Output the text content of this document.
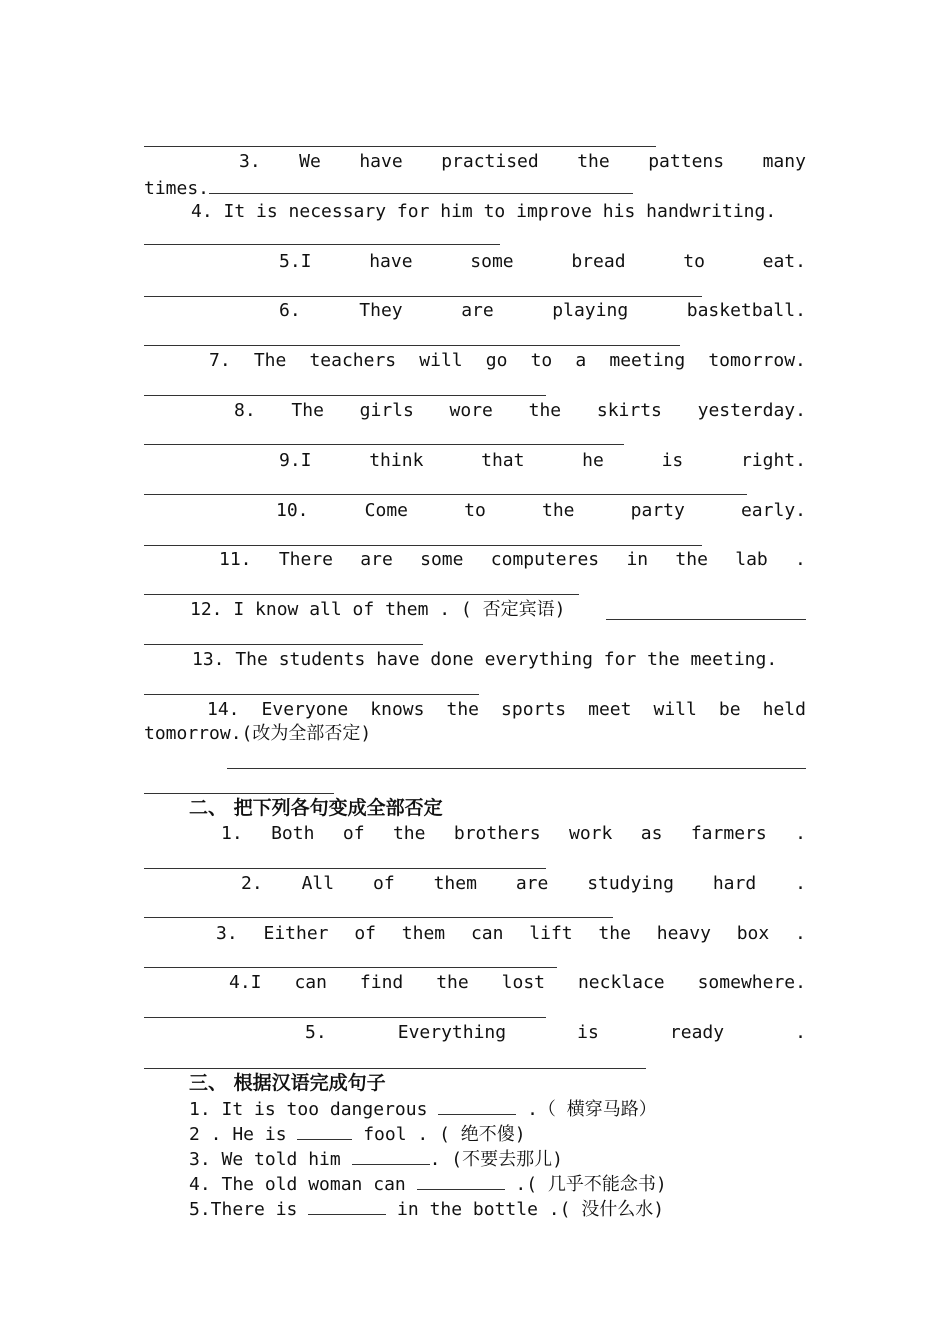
3. We have practised the pattens many
times.
4. It is necessary for him to improve his handwriting.
5.I	have	some	bread	to	eat.
6.	They	are	playing	basketball.
7. The teachers will go to a meeting tomorrow.
8. The girls wore the skirts yesterday.
9.I	think	that	he	is	right.
10.	Come	to	the	party	early.
11. There are some computeres in the lab .
12. I know all of them . ( 否定宾语)
13. The students have done everything for the meeting.
14. Everyone knows the sports meet will be held
tomorrow.(改为全部否定)
二、 把下列各句变成全部否定
1. Both of the brothers work as farmers .
2. All of them are studying hard .
3. Either of them can lift the heavy box .
4.I can find the lost necklace somewhere.
5.	Everything	is	ready	.
三、 根据汉语完成句子
1. It is too dangerous	.（ 横穿马路）
2 . He is	fool . ( 绝不傻)
3. We told him	. (不要去那儿)
4. The old woman can	.( 几乎不能念书)
5.There is	in the bottle .( 没什么水)
